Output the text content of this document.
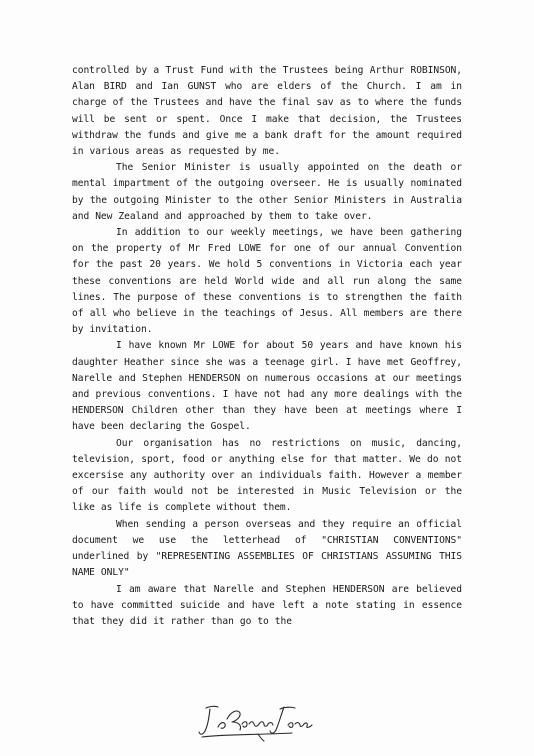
controlled by a Trust Fund with the Trustees being Arthur ROBINSON, Alan BIRD and Ian GUNST who are elders of the Church. I am in charge of the Trustees and have the final sav as to where the funds will be sent or spent. Once I make that decision, the Trustees withdraw the funds and give me a bank draft for the amount required in various areas as requested by me.

The Senior Minister is usually appointed on the death or mental impartment of the outgoing overseer. He is usually nominated by the outgoing Minister to the other Senior Ministers in Australia and New Zealand and approached by them to take over.

In addition to our weekly meetings, we have been gathering on the property of Mr Fred LOWE for one of our annual Convention for the past 20 years. We hold 5 conventions in Victoria each year these conventions are held World wide and all run along the same lines. The purpose of these conventions is to strengthen the faith of all who believe in the teachings of Jesus. All members are there by invitation.

I have known Mr LOWE for about 50 years and have known his daughter Heather since she was a teenage girl. I have met Geoffrey, Narelle and Stephen HENDERSON on numerous occasions at our meetings and previous conventions. I have not had any more dealings with the HENDERSON Children other than they have been at meetings where I have been declaring the Gospel.

Our organisation has no restrictions on music, dancing, television, sport, food or anything else for that matter. We do not excersise any authority over an individuals faith. However a member of our faith would not be interested in Music Television or the like as life is complete without them.

When sending a person overseas and they require an official document we use the letterhead of "CHRISTIAN CONVENTIONS" underlined by "REPRESENTING ASSEMBLIES OF CHRISTIANS ASSUMING THIS NAME ONLY"

I am aware that Narelle and Stephen HENDERSON are believed to have committed suicide and have left a note stating in essence that they did it rather than go to the
